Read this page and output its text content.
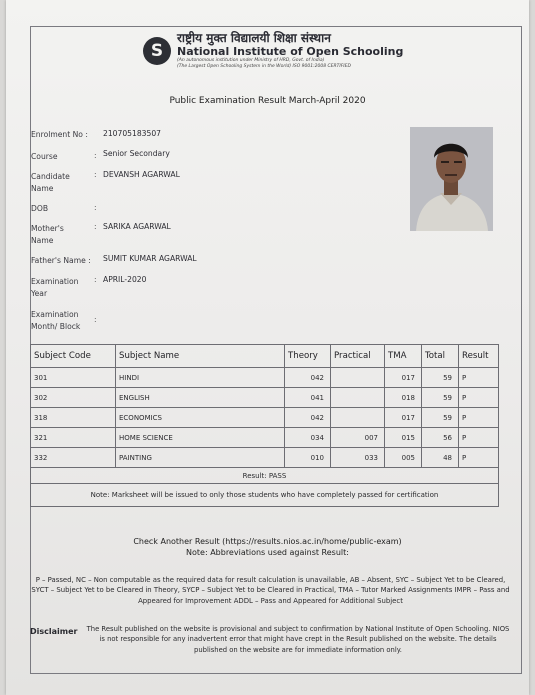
S
राष्ट्रीय मुक्त विद्यालयी शिक्षा संस्थान
National Institute of Open Schooling
(An autonomous institution under Ministry of HRD, Govt. of India)
(The Largest Open Schooling System in the World) ISO 9001:2008 CERTIFIED
Public Examination Result March-April 2020
Enrolment No : 210705183507
Course	: Senior Secondary
Candidate
Name
: DEVANSH AGARWAL
DOB	:
Mother's
Name
: SARIKA AGARWAL
Father's Name : SUMIT KUMAR AGARWAL
Examination
Year
: APRIL-2020
Examination
Month/ Block
:
Subject Code	Subject Name	Theory	Practical	TMA	Total	Result
301	HINDI	042		017	59	P
302	ENGLISH	041		018	59	P
318	ECONOMICS	042		017	59	P
321	HOME SCIENCE	034	007	015	56	P
332	PAINTING	010	033	005	48	P
Result: PASS						
Note: Marksheet will be issued to only those students who have completely passed for certification						
Check Another Result (https://results.nios.ac.in/home/public-exam)
Note: Abbreviations used against Result:
P – Passed, NC – Non computable as the required data for result calculation is unavailable, AB – Absent, SYC – Subject Yet to be Cleared, SYCT – Subject Yet to be Cleared in Theory, SYCP – Subject Yet to be Cleared in Practical, TMA – Tutor Marked Assignments IMPR – Pass and Appeared for Improvement ADDL – Pass and Appeared for Additional Subject
Disclaimer	The Result published on the website is provisional and subject to confirmation by National Institute of Open Schooling. NIOS is not responsible for any inadvertent error that might have crept in the Result published on the website. The details published on the website are for immediate information only.
